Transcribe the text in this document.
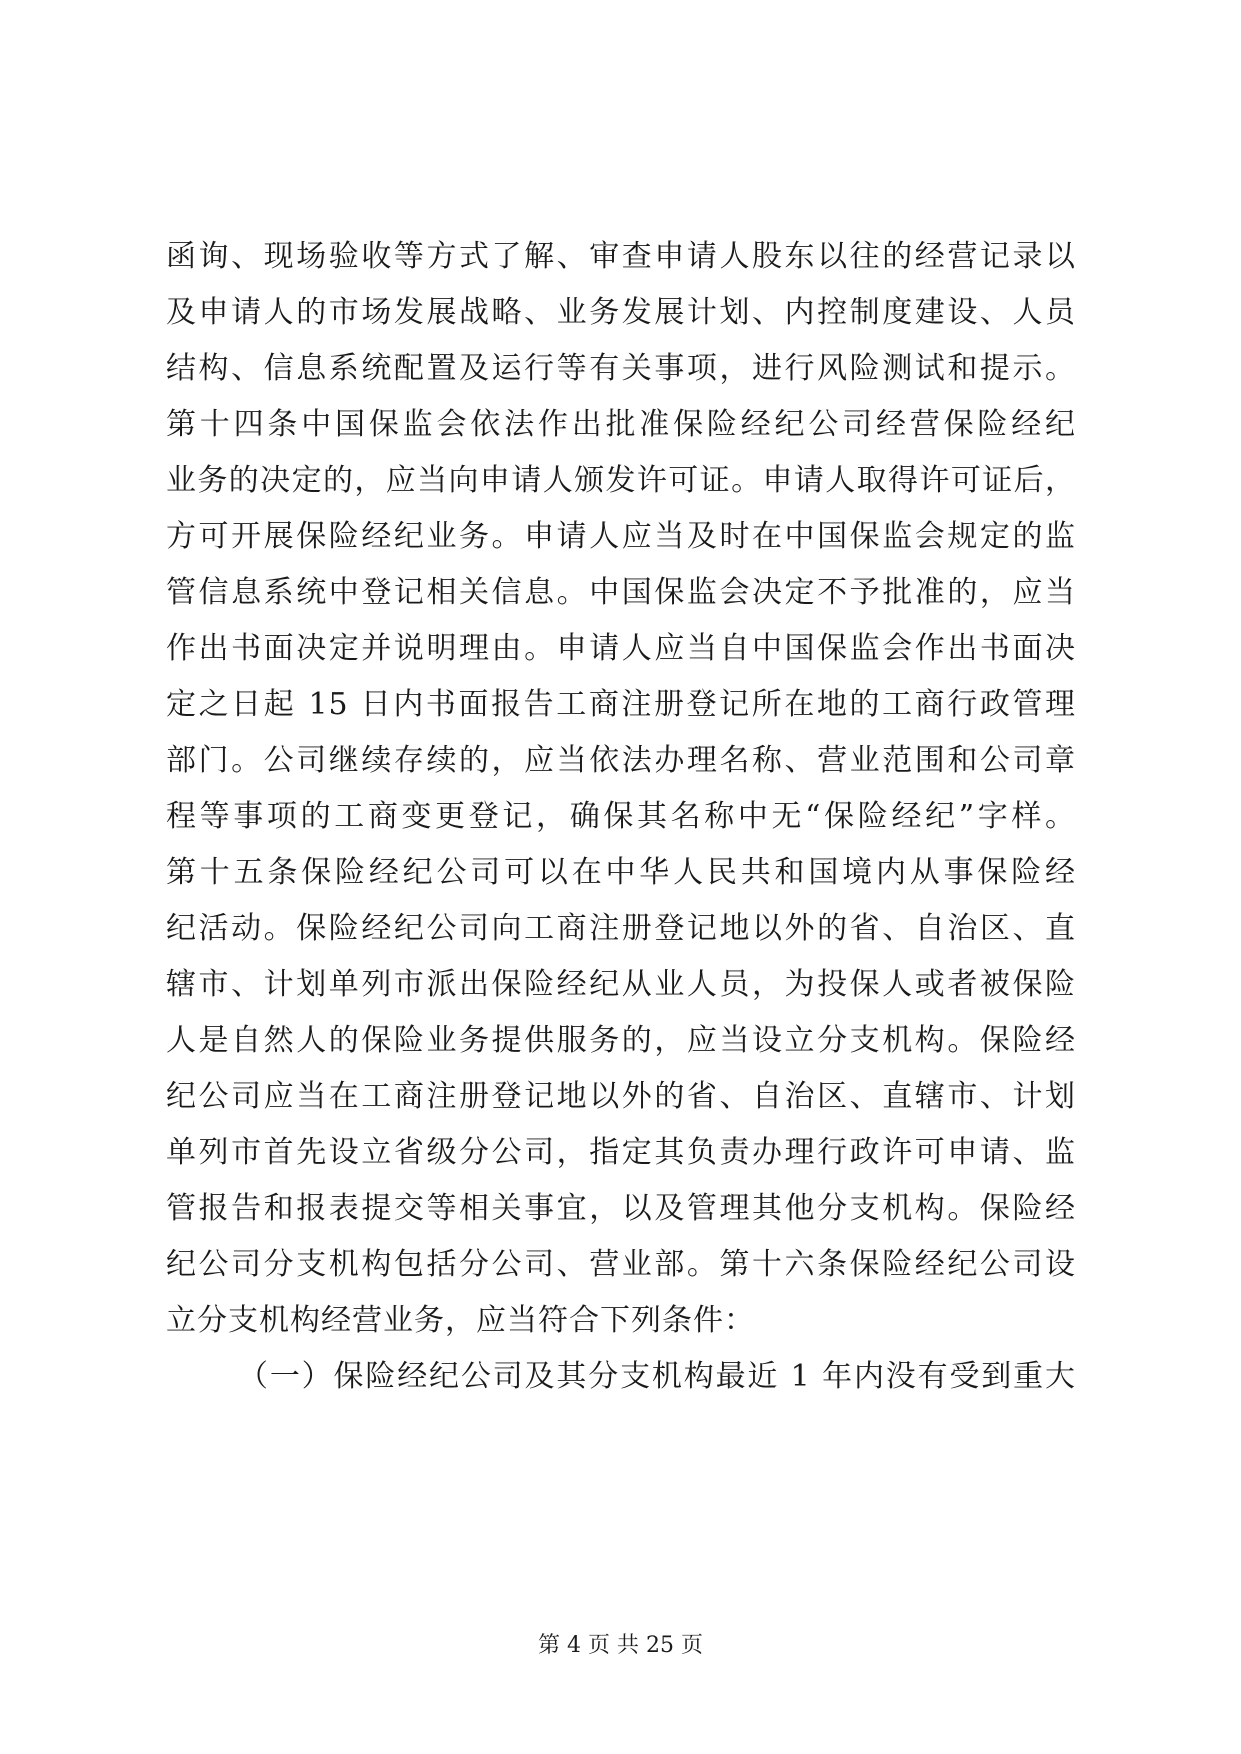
函询、现场验收等方式了解、审查申请人股东以往的经营记录以
及申请人的市场发展战略、业务发展计划、内控制度建设、人员
结构、信息系统配置及运行等有关事项，进行风险测试和提示。
第十四条中国保监会依法作出批准保险经纪公司经营保险经纪
业务的决定的，应当向申请人颁发许可证。申请人取得许可证后，
方可开展保险经纪业务。申请人应当及时在中国保监会规定的监
管信息系统中登记相关信息。中国保监会决定不予批准的，应当
作出书面决定并说明理由。申请人应当自中国保监会作出书面决
定之日起 15 日内书面报告工商注册登记所在地的工商行政管理
部门。公司继续存续的，应当依法办理名称、营业范围和公司章
程等事项的工商变更登记，确保其名称中无“保险经纪”字样。
第十五条保险经纪公司可以在中华人民共和国境内从事保险经
纪活动。保险经纪公司向工商注册登记地以外的省、自治区、直
辖市、计划单列市派出保险经纪从业人员，为投保人或者被保险
人是自然人的保险业务提供服务的，应当设立分支机构。保险经
纪公司应当在工商注册登记地以外的省、自治区、直辖市、计划
单列市首先设立省级分公司，指定其负责办理行政许可申请、监
管报告和报表提交等相关事宜，以及管理其他分支机构。保险经
纪公司分支机构包括分公司、营业部。第十六条保险经纪公司设
立分支机构经营业务，应当符合下列条件：
（一）保险经纪公司及其分支机构最近 1 年内没有受到重大
第 4 页 共 25 页
